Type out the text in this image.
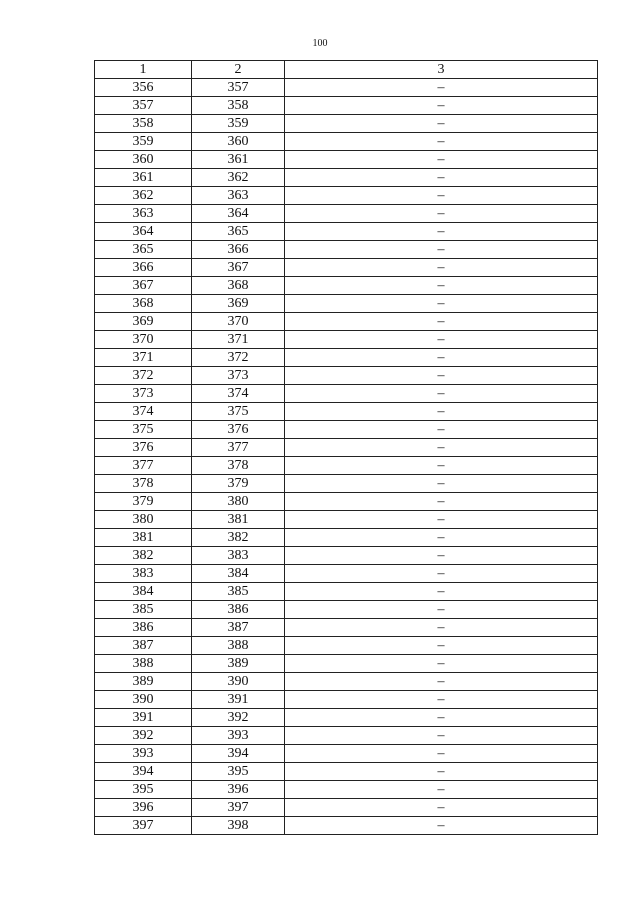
100
1	2	3
356	357	–
357	358	–
358	359	–
359	360	–
360	361	–
361	362	–
362	363	–
363	364	–
364	365	–
365	366	–
366	367	–
367	368	–
368	369	–
369	370	–
370	371	–
371	372	–
372	373	–
373	374	–
374	375	–
375	376	–
376	377	–
377	378	–
378	379	–
379	380	–
380	381	–
381	382	–
382	383	–
383	384	–
384	385	–
385	386	–
386	387	–
387	388	–
388	389	–
389	390	–
390	391	–
391	392	–
392	393	–
393	394	–
394	395	–
395	396	–
396	397	–
397	398	–
